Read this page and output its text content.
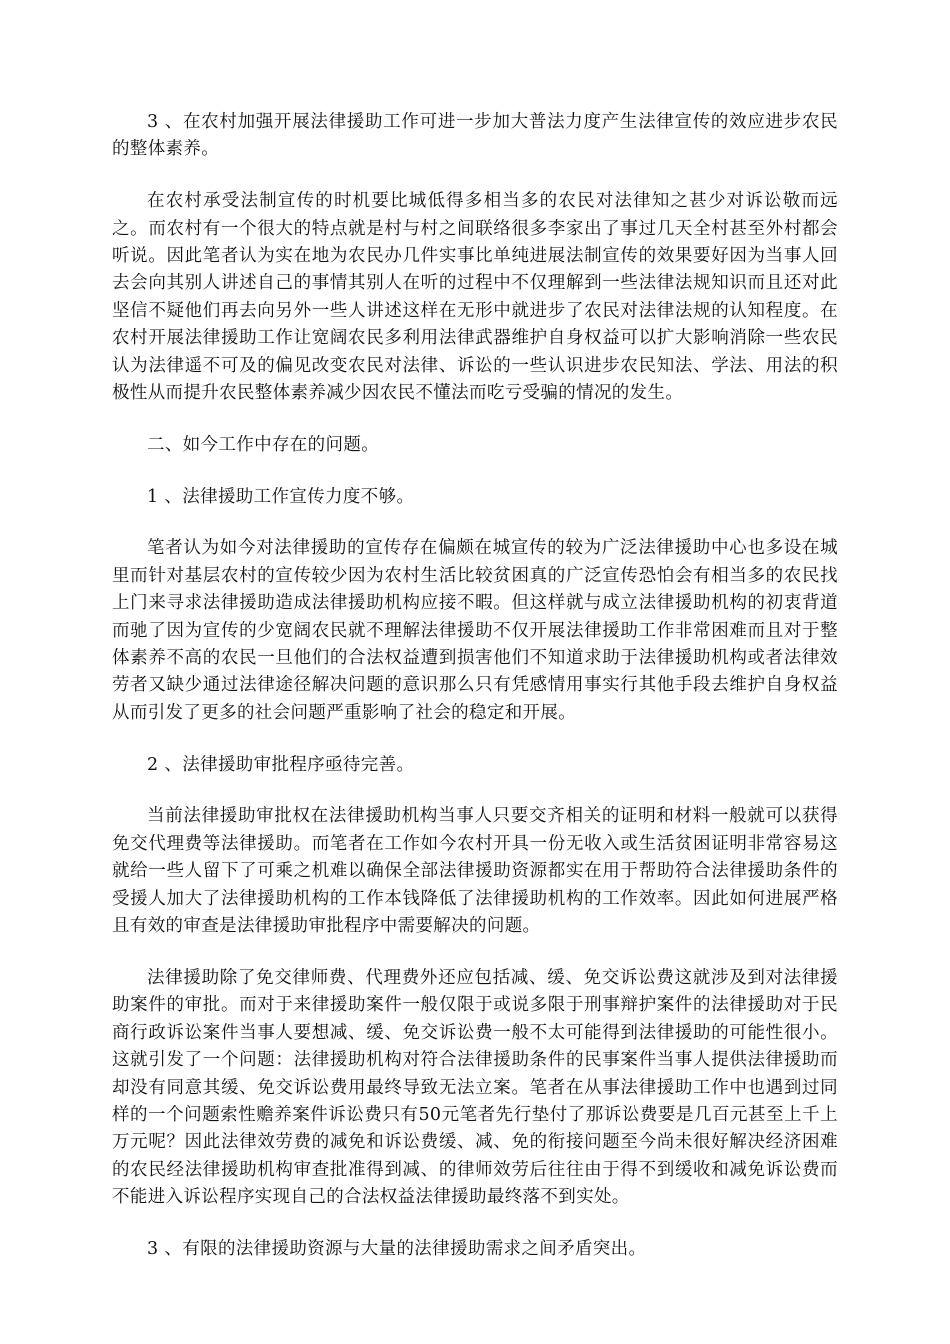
3 、在农村加强开展法律援助工作可进一步加大普法力度产生法律宣传的效应进步农民的整体素养。

在农村承受法制宣传的时机要比城低得多相当多的农民对法律知之甚少对诉讼敬而远之。而农村有一个很大的特点就是村与村之间联络很多李家出了事过几天全村甚至外村都会听说。因此笔者认为实在地为农民办几件实事比单纯进展法制宣传的效果要好因为当事人回去会向其别人讲述自己的事情其别人在听的过程中不仅理解到一些法律法规知识而且还对此坚信不疑他们再去向另外一些人讲述这样在无形中就进步了农民对法律法规的认知程度。在农村开展法律援助工作让宽阔农民多利用法律武器维护自身权益可以扩大影响消除一些农民认为法律遥不可及的偏见改变农民对法律、诉讼的一些认识进步农民知法、学法、用法的积极性从而提升农民整体素养减少因农民不懂法而吃亏受骗的情况的发生。

二、如今工作中存在的问题。

1 、法律援助工作宣传力度不够。

笔者认为如今对法律援助的宣传存在偏颇在城宣传的较为广泛法律援助中心也多设在城里而针对基层农村的宣传较少因为农村生活比较贫困真的广泛宣传恐怕会有相当多的农民找上门来寻求法律援助造成法律援助机构应接不暇。但这样就与成立法律援助机构的初衷背道而驰了因为宣传的少宽阔农民就不理解法律援助不仅开展法律援助工作非常困难而且对于整体素养不高的农民一旦他们的合法权益遭到损害他们不知道求助于法律援助机构或者法律效劳者又缺少通过法律途径解决问题的意识那么只有凭感情用事实行其他手段去维护自身权益从而引发了更多的社会问题严重影响了社会的稳定和开展。

2 、法律援助审批程序亟待完善。

当前法律援助审批权在法律援助机构当事人只要交齐相关的证明和材料一般就可以获得免交代理费等法律援助。而笔者在工作如今农村开具一份无收入或生活贫困证明非常容易这就给一些人留下了可乘之机难以确保全部法律援助资源都实在用于帮助符合法律援助条件的受援人加大了法律援助机构的工作本钱降低了法律援助机构的工作效率。因此如何进展严格且有效的审查是法律援助审批程序中需要解决的问题。

法律援助除了免交律师费、代理费外还应包括减、缓、免交诉讼费这就涉及到对法律援助案件的审批。而对于来律援助案件一般仅限于或说多限于刑事辩护案件的法律援助对于民商行政诉讼案件当事人要想减、缓、免交诉讼费一般不太可能得到法律援助的可能性很小。这就引发了一个问题：法律援助机构对符合法律援助条件的民事案件当事人提供法律援助而却没有同意其缓、免交诉讼费用最终导致无法立案。笔者在从事法律援助工作中也遇到过同样的一个问题索性赡养案件诉讼费只有50元笔者先行垫付了那诉讼费要是几百元甚至上千上万元呢？因此法律效劳费的减免和诉讼费缓、减、免的衔接问题至今尚未很好解决经济困难的农民经法律援助机构审查批准得到减、的律师效劳后往往由于得不到缓收和减免诉讼费而不能进入诉讼程序实现自己的合法权益法律援助最终落不到实处。

3 、有限的法律援助资源与大量的法律援助需求之间矛盾突出。
